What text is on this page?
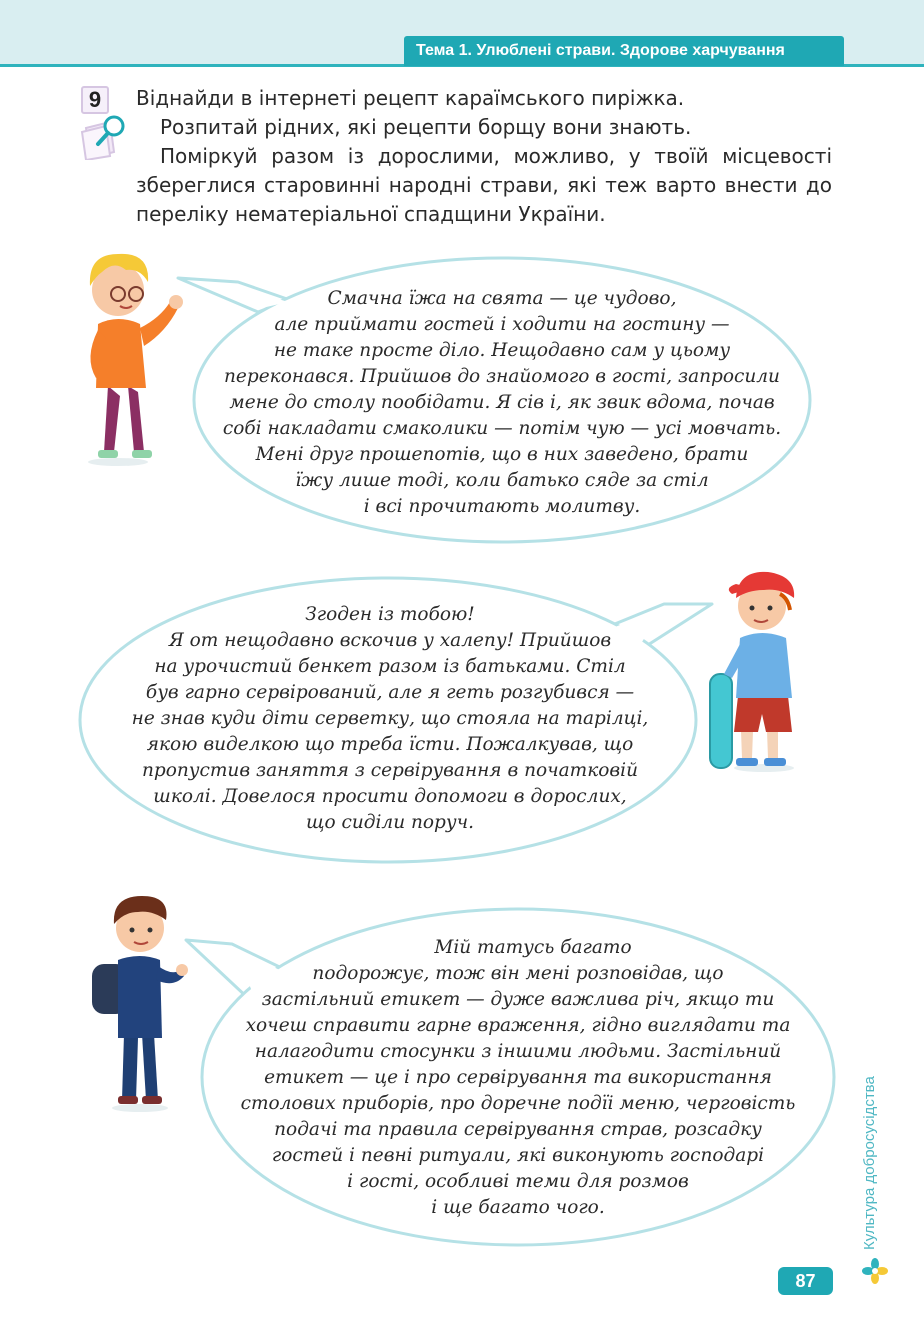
Тема 1. Улюблені страви. Здорове харчування
9	Віднайди в інтернеті рецепт караїмського пиріжка.

Розпитай рідних, які рецепти борщу вони знають.

Поміркуй разом із дорослими, можливо, у твоїй місцевості збереглися старовинні народні страви, які теж варто внести до переліку нематеріальної спадщини України.

Смачна їжа на свята — це чудово,
але приймати гостей і ходити на гостину —
не таке просте діло. Нещодавно сам у цьому
переконався. Прийшов до знайомого в гості, запросили
мене до столу пообідати. Я сів і, як звик вдома, почав
собі накладати смаколики — потім чую — усі мовчать.
Мені друг прошепотів, що в них заведено, брати
їжу лише тоді, коли батько сяде за стіл
і всі прочитають молитву.
Згоден із тобою!
Я от нещодавно вскочив у халепу! Прийшов
на урочистий бенкет разом із батьками. Стіл
був гарно сервірований, але я геть розгубився —
не знав куди діти серветку, що стояла на тарілці,
якою виделкою що треба їсти. Пожалкував, що
пропустив заняття з сервірування в початковій
школі. Довелося просити допомоги в дорослих,
що сиділи поруч.
Мій татусь багато
подорожує, тож він мені розповідав, що
застільний етикет — дуже важлива річ, якщо ти
хочеш справити гарне враження, гідно виглядати та
налагодити стосунки з іншими людьми. Застільний
етикет — це і про сервірування та використання
столових приборів, про доречне подїі меню, черговість
подачі та правила сервірування страв, розсадку
гостей і певні ритуали, які виконують господарі
і гості, особливі теми для розмов
і ще багато чого.	Культура добросусідства
87
